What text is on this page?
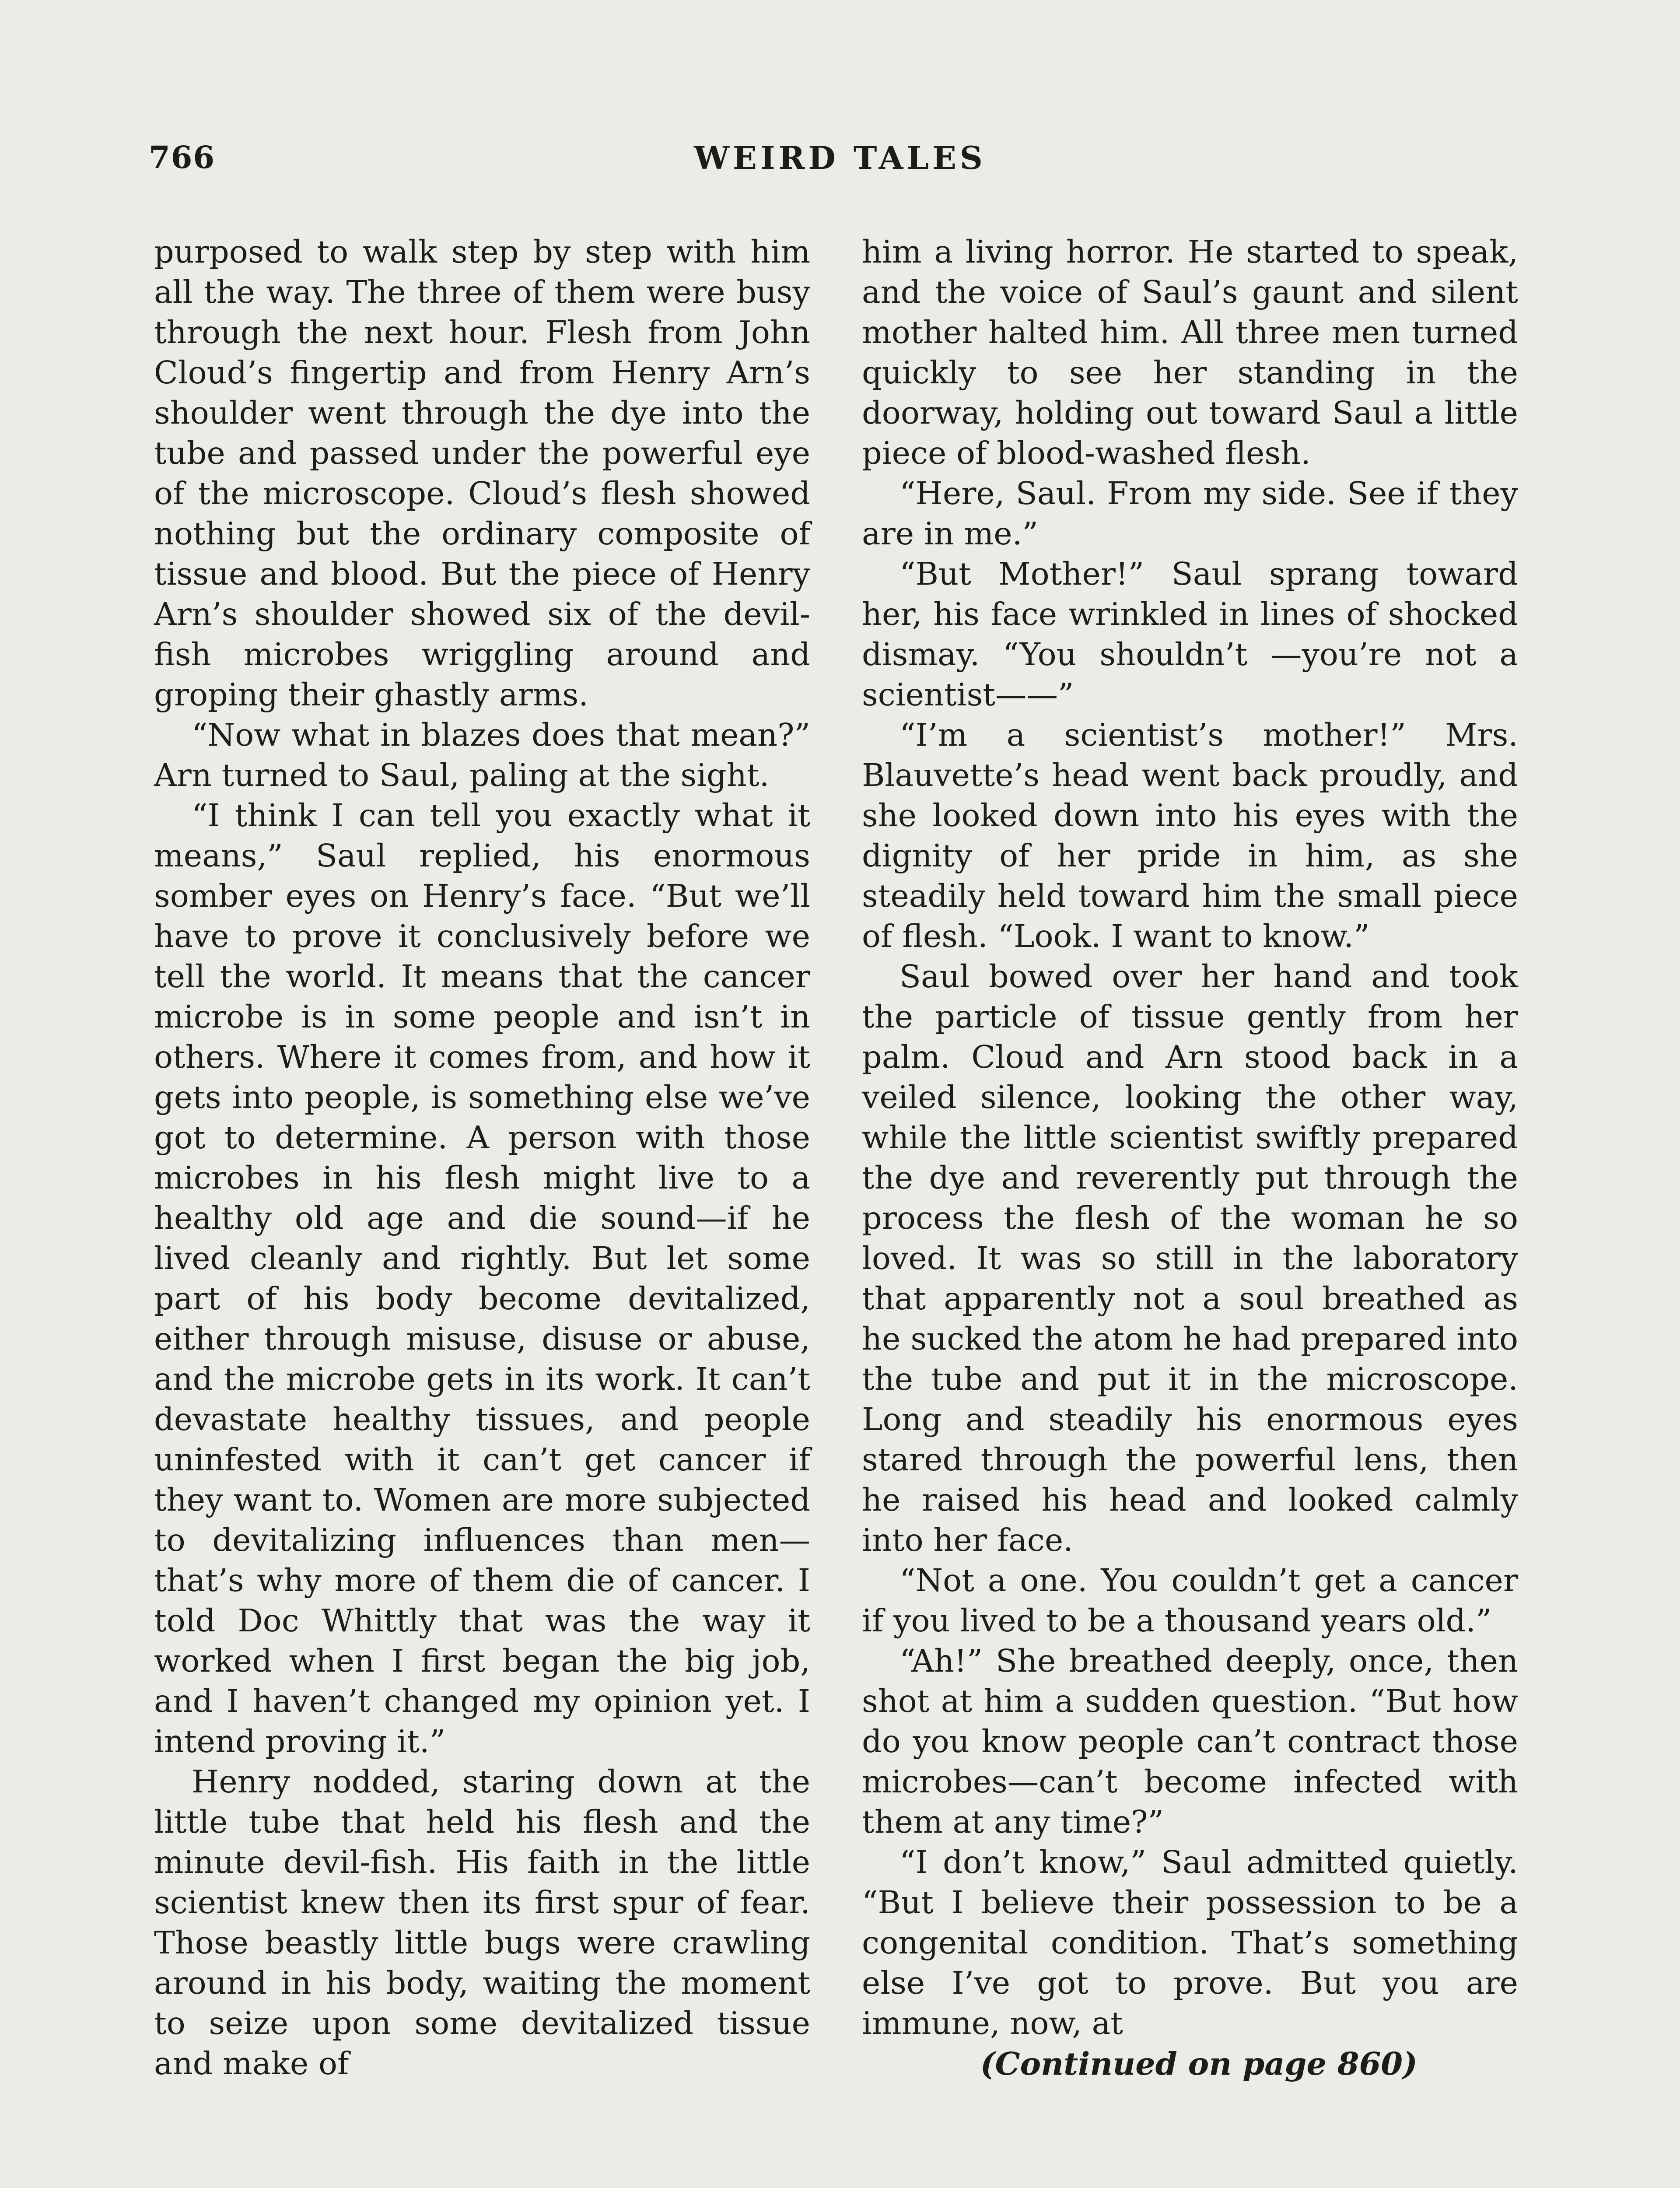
766	WEIRD TALES

purposed to walk step by step with him all the way. The three of them were busy through the next hour. Flesh from John Cloud’s fingertip and from Henry Arn’s shoulder went through the dye into the tube and passed under the powerful eye of the microscope. Cloud’s flesh showed nothing but the ordinary composite of tissue and blood. But the piece of Henry Arn’s shoulder showed six of the devil-fish microbes wriggling around and groping their ghastly arms.

“Now what in blazes does that mean?” Arn turned to Saul, paling at the sight.

“I think I can tell you exactly what it means,” Saul replied, his enormous somber eyes on Henry’s face. “But we’ll have to prove it conclusively before we tell the world. It means that the cancer microbe is in some people and isn’t in others. Where it comes from, and how it gets into people, is something else we’ve got to determine. A person with those microbes in his flesh might live to a healthy old age and die sound—if he lived cleanly and rightly. But let some part of his body become devitalized, either through misuse, disuse or abuse, and the microbe gets in its work. It can’t devastate healthy tissues, and people uninfested with it can’t get cancer if they want to. Women are more subjected to devitalizing influences than men—that’s why more of them die of cancer. I told Doc Whittly that was the way it worked when I first began the big job, and I haven’t changed my opinion yet. I intend proving it.”

Henry nodded, staring down at the little tube that held his flesh and the minute devil-fish. His faith in the little scientist knew then its first spur of fear. Those beastly little bugs were crawling around in his body, waiting the moment to seize upon some devitalized tissue and make of

him a living horror. He started to speak, and the voice of Saul’s gaunt and silent mother halted him. All three men turned quickly to see her standing in the doorway, holding out toward Saul a little piece of blood-washed flesh.

“Here, Saul. From my side. See if they are in me.”

“But Mother!” Saul sprang toward her, his face wrinkled in lines of shocked dismay. “You shouldn’t —you’re not a scientist——”

“I’m a scientist’s mother!” Mrs. Blauvette’s head went back proudly, and she looked down into his eyes with the dignity of her pride in him, as she steadily held toward him the small piece of flesh. “Look. I want to know.”

Saul bowed over her hand and took the particle of tissue gently from her palm. Cloud and Arn stood back in a veiled silence, looking the other way, while the little scientist swiftly prepared the dye and reverently put through the process the flesh of the woman he so loved. It was so still in the laboratory that apparently not a soul breathed as he sucked the atom he had prepared into the tube and put it in the microscope. Long and steadily his enormous eyes stared through the powerful lens, then he raised his head and looked calmly into her face.

“Not a one. You couldn’t get a cancer if you lived to be a thousand years old.”

“Ah!” She breathed deeply, once, then shot at him a sudden question. “But how do you know people can’t contract those microbes—can’t become infected with them at any time?”

“I don’t know,” Saul admitted quietly. “But I believe their possession to be a congenital condition. That’s something else I’ve got to prove. But you are immune, now, at

(Continued on page 860)
